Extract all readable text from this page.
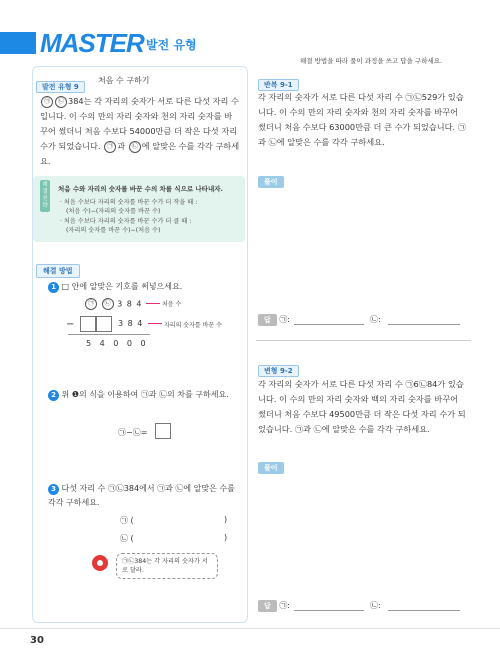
MASTER 발전 유형
해결 방법을 따라 풀이 과정을 쓰고 답을 구하세요.
발전 유형 9
처음 수 구하기
㉠ ㉡ 384는 각 자리의 숫자가 서로 다른 다섯 자리 수입니다. 이 수의 만의 자리 숫자와 천의 자리 숫자를 바꾸어 썼더니 처음 수보다 54000만큼 더 작은 다섯 자리 수가 되었습니다. ㉠ 과 ㉡ 에 알맞은 수를 각각 구하세요.
해결 전략
처음 수와 자리의 숫자를 바꾼 수의 차를 식으로 나타내자.
· 처음 수보다 자리의 숫자를 바꾼 수가 더 작을 때 :
(처음 수)−(자리의 숫자를 바꾼 수)
· 처음 수보다 자리의 숫자를 바꾼 수가 더 클 때 :
(자리의 숫자를 바꾼 수)−(처음 수)
해결 방법
1 □ 안에 알맞은 기호를 써넣으세요.
㉠ ㉡ 3 8 4	처음 수
−	3 8 4	자리의 숫자를 바꾼 수
5 4 0 0 0
2 위 ❶의 식을 이용하여 ㉠과 ㉡의 차를 구하세요.
㉠−㉡=
3 다섯 자리 수 ㉠㉡384에서 ㉠과 ㉡에 알맞은 수를 각각 구하세요.
㉠ (	)
㉡ (	)
㉠㉡384는 각 자리의 숫자가 서로 달라.
반복 9-1
각 자리의 숫자가 서로 다른 다섯 자리 수 ㉠㉡529가 있습니다. 이 수의 만의 자리 숫자와 천의 자리 숫자를 바꾸어 썼더니 처음 수보다 63000만큼 더 큰 수가 되었습니다. ㉠과 ㉡에 알맞은 수를 각각 구하세요.
풀이
답 ㉠:	㉡:
변형 9-2
각 자리의 숫자가 서로 다른 다섯 자리 수 ㉠6㉡84가 있습니다. 이 수의 만의 자리 숫자와 백의 자리 숫자를 바꾸어 썼더니 처음 수보다 49500만큼 더 작은 다섯 자리 수가 되었습니다. ㉠과 ㉡에 알맞은 수를 각각 구하세요.
풀이
답 ㉠:	㉡:
30
